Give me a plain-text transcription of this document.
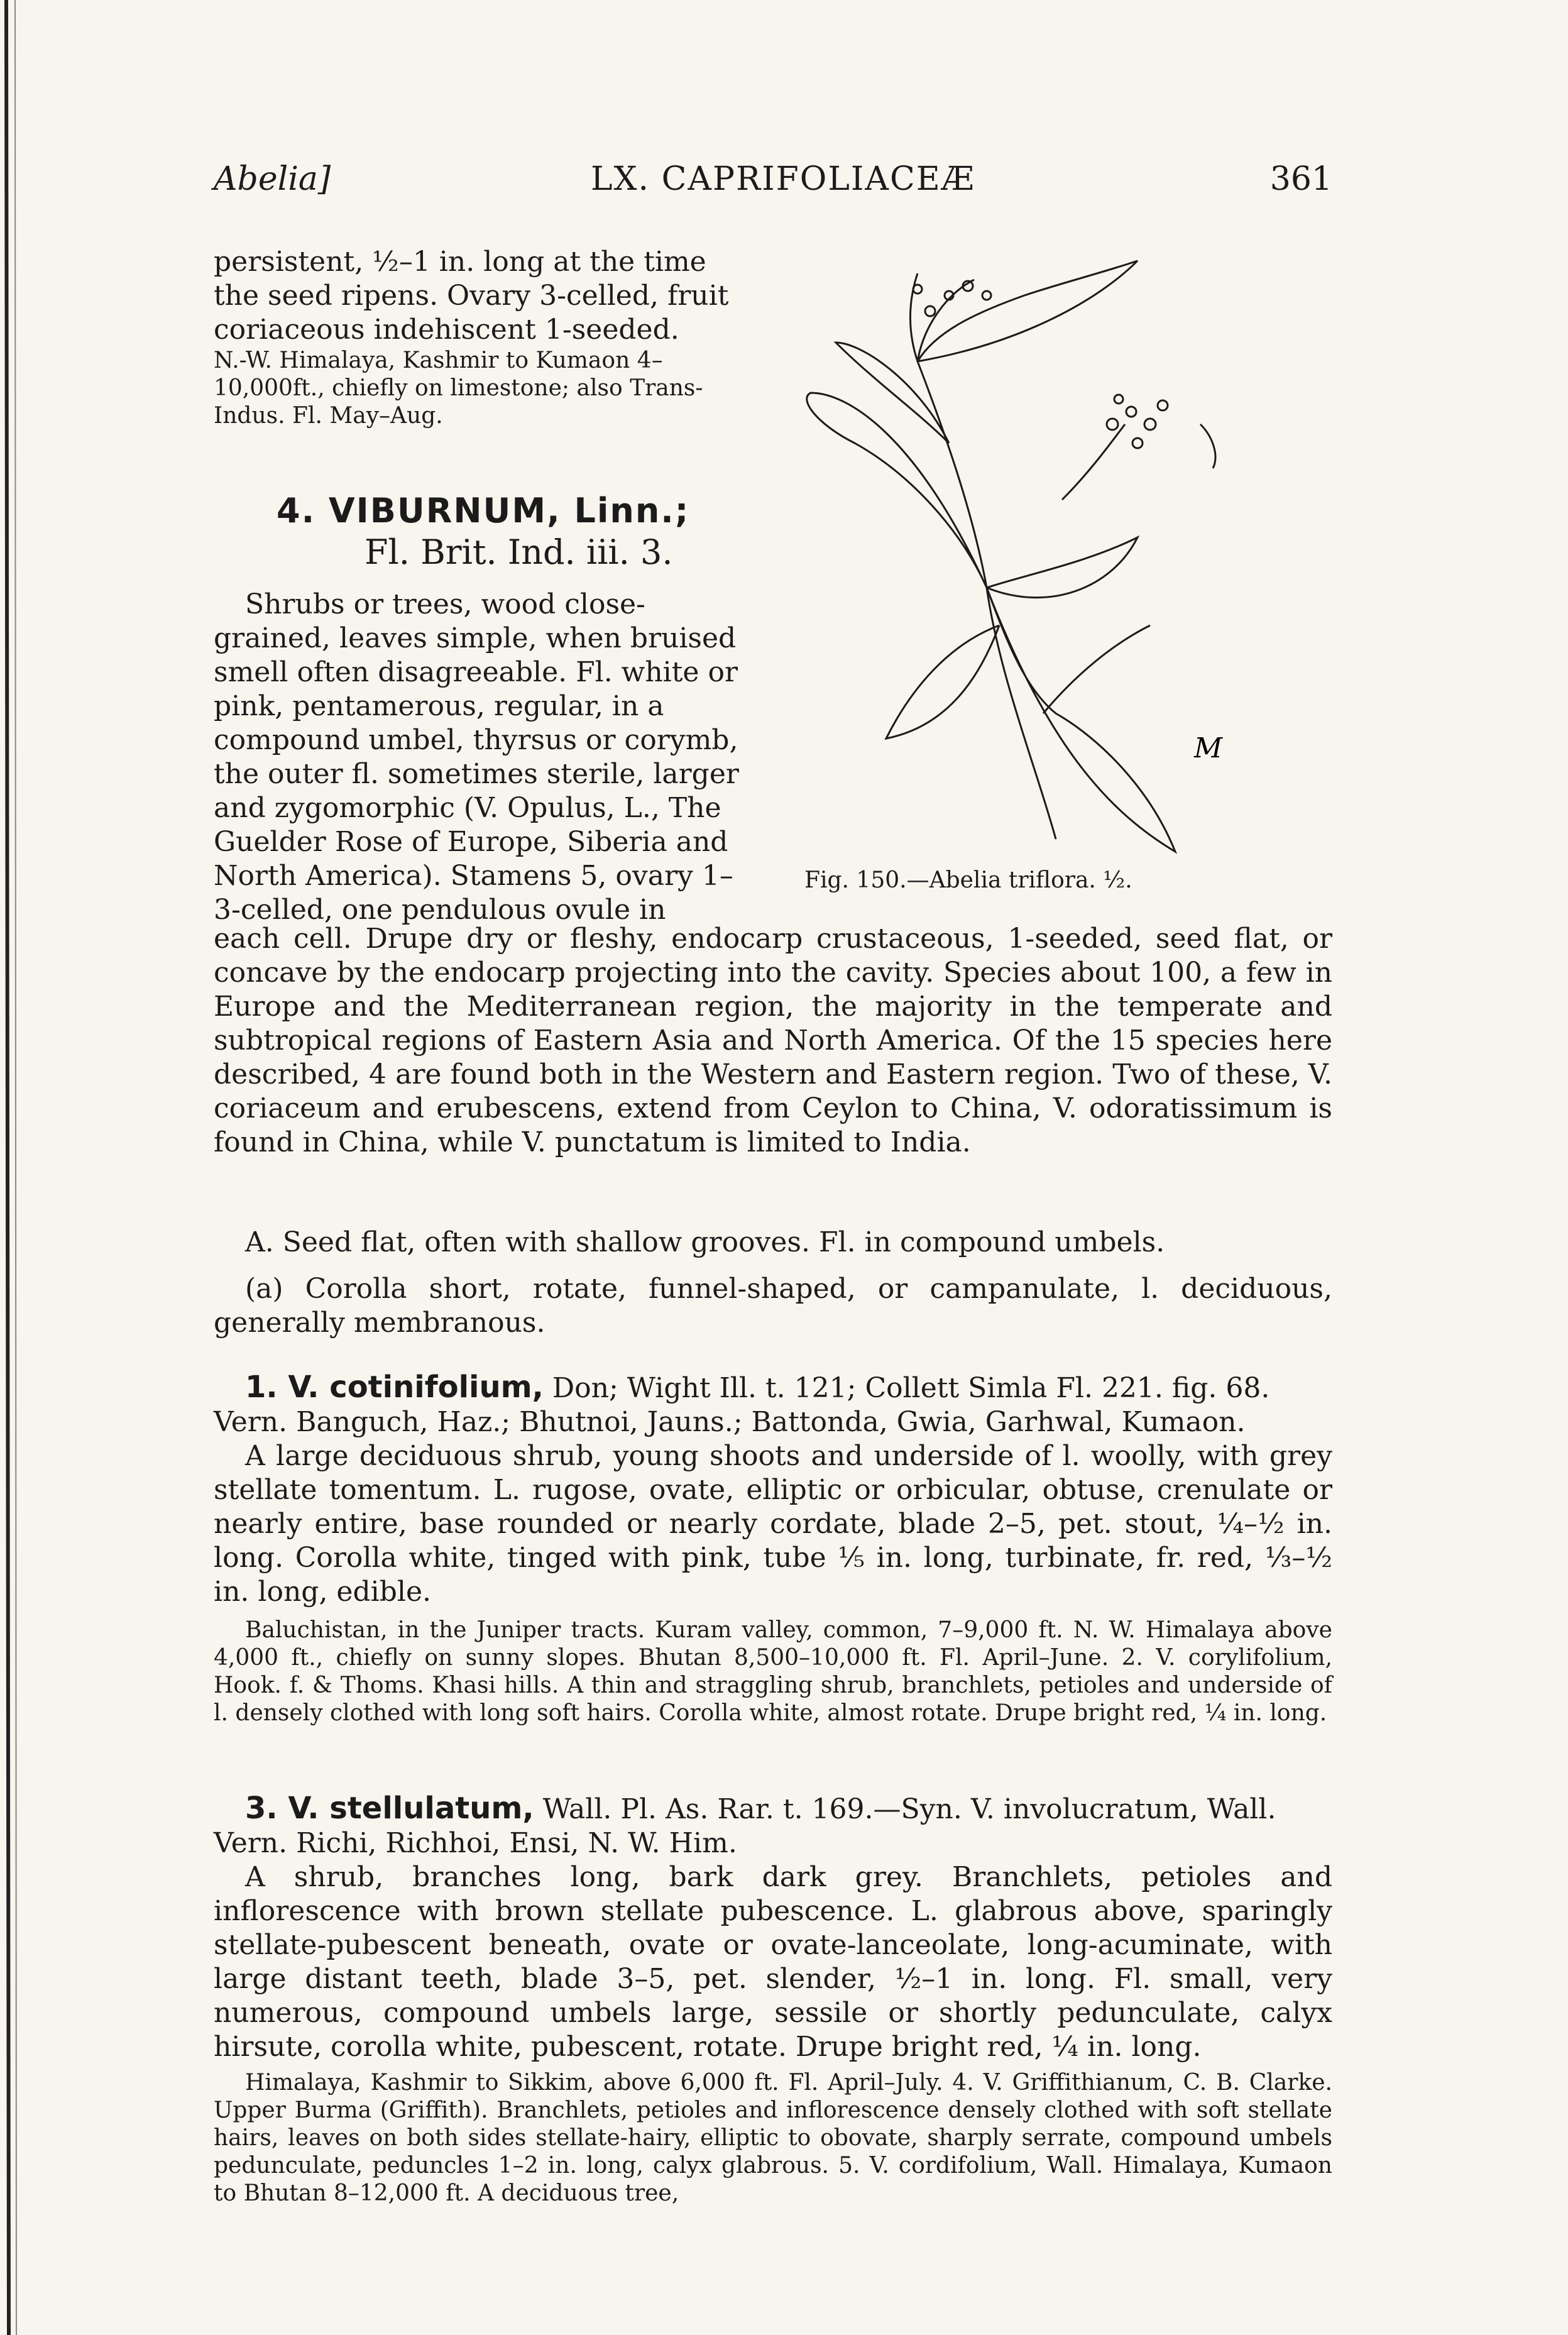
Abelia]	LX. CAPRIFOLIACEÆ	361

persistent, ½–1 in. long at the time the seed ripens. Ovary 3-celled, fruit coriaceous indehiscent 1-seeded.

N.-W. Himalaya, Kashmir to Kumaon 4–10,000ft., chiefly on limestone; also Trans-Indus. Fl. May–Aug.

4. VIBURNUM, Linn.;
Fl. Brit. Ind. iii. 3.

Shrubs or trees, wood close-grained, leaves simple, when bruised smell often disagreeable. Fl. white or pink, pentamerous, regular, in a compound umbel, thyrsus or corymb, the outer fl. sometimes sterile, larger and zygomorphic (V. Opulus, L., The Guelder Rose of Europe, Siberia and North America). Stamens 5, ovary 1–3-celled, one pendulous ovule in

M
Fig. 150.—Abelia triflora. ½.

each cell. Drupe dry or fleshy, endocarp crustaceous, 1-seeded, seed flat, or concave by the endocarp projecting into the cavity. Species about 100, a few in Europe and the Mediterranean region, the majority in the temperate and subtropical regions of Eastern Asia and North America. Of the 15 species here described, 4 are found both in the Western and Eastern region. Two of these, V. coriaceum and erubescens, extend from Ceylon to China, V. odoratissimum is found in China, while V. punctatum is limited to India.

A. Seed flat, often with shallow grooves. Fl. in compound umbels.

(a) Corolla short, rotate, funnel-shaped, or campanulate, l. deciduous, generally membranous.

1. V. cotinifolium, Don; Wight Ill. t. 121; Collett Simla Fl. 221. fig. 68.

Vern. Banguch, Haz.; Bhutnoi, Jauns.; Battonda, Gwia, Garhwal, Kumaon.

A large deciduous shrub, young shoots and underside of l. woolly, with grey stellate tomentum. L. rugose, ovate, elliptic or orbicular, obtuse, crenulate or nearly entire, base rounded or nearly cordate, blade 2–5, pet. stout, ¼–½ in. long. Corolla white, tinged with pink, tube ⅕ in. long, turbinate, fr. red, ⅓–½ in. long, edible.

Baluchistan, in the Juniper tracts. Kuram valley, common, 7–9,000 ft. N. W. Himalaya above 4,000 ft., chiefly on sunny slopes. Bhutan 8,500–10,000 ft. Fl. April–June. 2. V. corylifolium, Hook. f. & Thoms. Khasi hills. A thin and straggling shrub, branchlets, petioles and underside of l. densely clothed with long soft hairs. Corolla white, almost rotate. Drupe bright red, ¼ in. long.

3. V. stellulatum, Wall. Pl. As. Rar. t. 169.—Syn. V. involucratum, Wall.

Vern. Richi, Richhoi, Ensi, N. W. Him.

A shrub, branches long, bark dark grey. Branchlets, petioles and inflorescence with brown stellate pubescence. L. glabrous above, sparingly stellate-pubescent beneath, ovate or ovate-lanceolate, long-acuminate, with large distant teeth, blade 3–5, pet. slender, ½–1 in. long. Fl. small, very numerous, compound umbels large, sessile or shortly pedunculate, calyx hirsute, corolla white, pubescent, rotate. Drupe bright red, ¼ in. long.

Himalaya, Kashmir to Sikkim, above 6,000 ft. Fl. April–July. 4. V. Griffithianum, C. B. Clarke. Upper Burma (Griffith). Branchlets, petioles and inflorescence densely clothed with soft stellate hairs, leaves on both sides stellate-hairy, elliptic to obovate, sharply serrate, compound umbels pedunculate, peduncles 1–2 in. long, calyx glabrous. 5. V. cordifolium, Wall. Himalaya, Kumaon to Bhutan 8–12,000 ft. A deciduous tree,
